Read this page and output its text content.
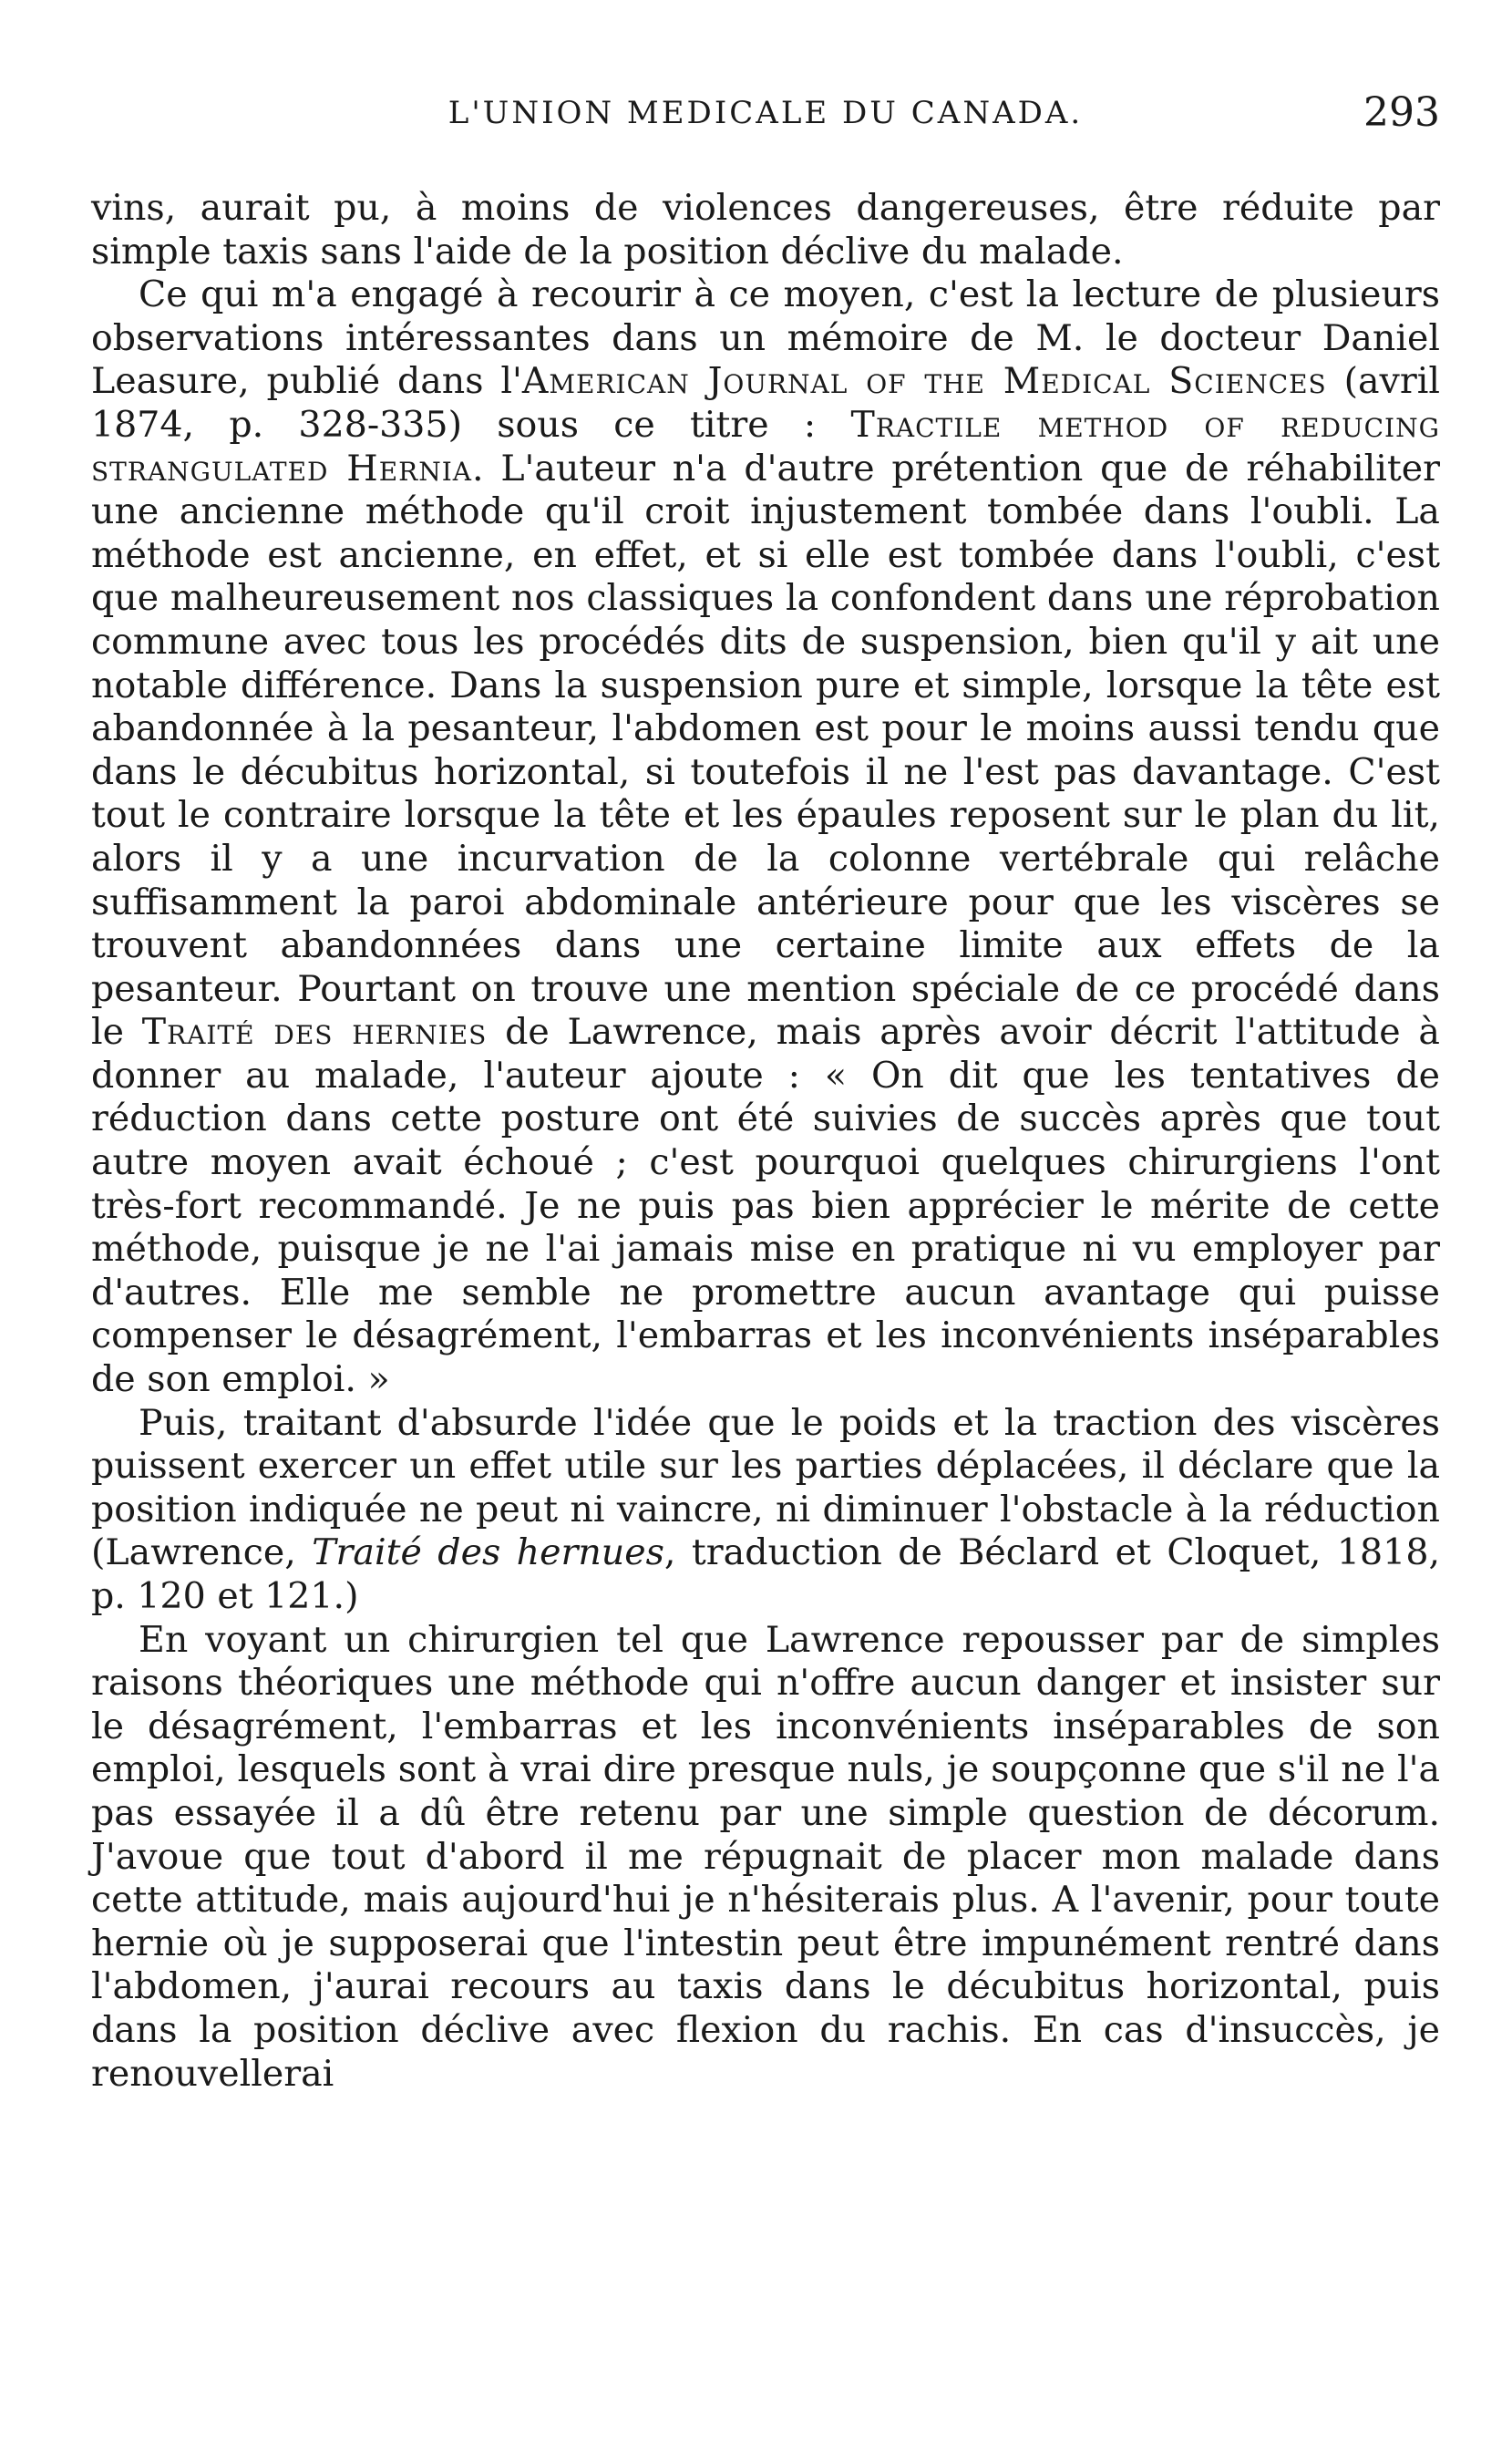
L'UNION MEDICALE DU CANADA.	293

vins, aurait pu, à moins de violences dangereuses, être réduite par simple taxis sans l'aide de la position déclive du malade.

Ce qui m'a engagé à recourir à ce moyen, c'est la lecture de plusieurs observations intéressantes dans un mémoire de M. le docteur Daniel Leasure, publié dans l'American Journal of the Medical Sciences (avril 1874, p. 328-335) sous ce titre : Tractile method of reducing strangulated Hernia. L'auteur n'a d'autre prétention que de réhabiliter une ancienne méthode qu'il croit injustement tombée dans l'oubli. La méthode est ancienne, en effet, et si elle est tombée dans l'oubli, c'est que malheureusement nos classiques la confondent dans une réprobation commune avec tous les procédés dits de suspension, bien qu'il y ait une notable différence. Dans la suspension pure et simple, lorsque la tête est abandonnée à la pesanteur, l'abdomen est pour le moins aussi tendu que dans le décubitus horizontal, si toutefois il ne l'est pas davantage. C'est tout le contraire lorsque la tête et les épaules reposent sur le plan du lit, alors il y a une incurvation de la colonne vertébrale qui relâche suffisamment la paroi abdominale antérieure pour que les viscères se trouvent abandonnées dans une certaine limite aux effets de la pesanteur. Pourtant on trouve une mention spéciale de ce procédé dans le Traité des hernies de Lawrence, mais après avoir décrit l'attitude à donner au malade, l'auteur ajoute : « On dit que les tentatives de réduction dans cette posture ont été suivies de succès après que tout autre moyen avait échoué ; c'est pourquoi quelques chirurgiens l'ont très-fort recommandé. Je ne puis pas bien apprécier le mérite de cette méthode, puisque je ne l'ai jamais mise en pratique ni vu employer par d'autres. Elle me semble ne promettre aucun avantage qui puisse compenser le désagrément, l'embarras et les inconvénients inséparables de son emploi. »

Puis, traitant d'absurde l'idée que le poids et la traction des viscères puissent exercer un effet utile sur les parties déplacées, il déclare que la position indiquée ne peut ni vaincre, ni diminuer l'obstacle à la réduction (Lawrence, Traité des hernues, traduction de Béclard et Cloquet, 1818, p. 120 et 121.)

En voyant un chirurgien tel que Lawrence repousser par de simples raisons théoriques une méthode qui n'offre aucun danger et insister sur le désagrément, l'embarras et les inconvénients inséparables de son emploi, lesquels sont à vrai dire presque nuls, je soupçonne que s'il ne l'a pas essayée il a dû être retenu par une simple question de décorum. J'avoue que tout d'abord il me répugnait de placer mon malade dans cette attitude, mais aujourd'hui je n'hésiterais plus. A l'avenir, pour toute hernie où je supposerai que l'intestin peut être impunément rentré dans l'abdomen, j'aurai recours au taxis dans le décubitus horizontal, puis dans la position déclive avec flexion du rachis. En cas d'insuccès, je renouvellerai
